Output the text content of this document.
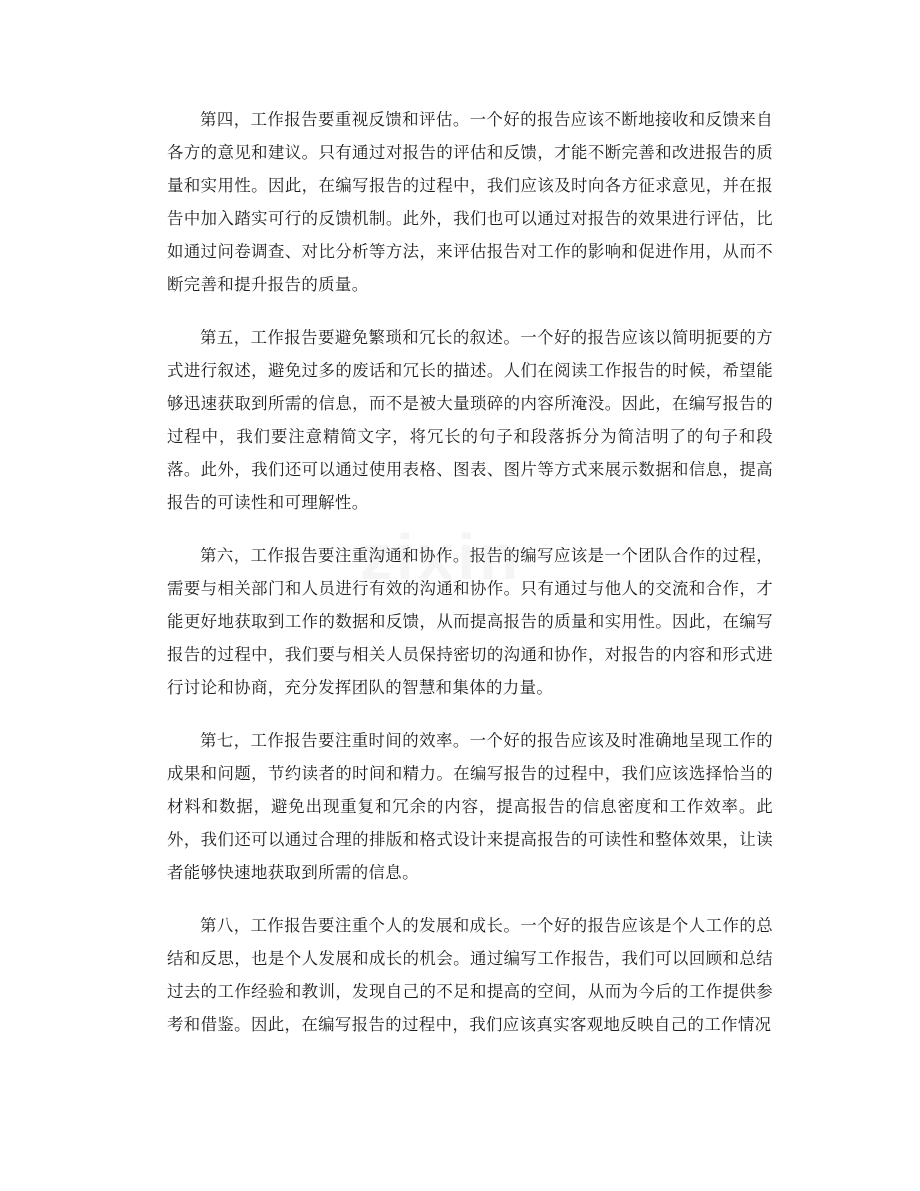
第四，工作报告要重视反馈和评估。一个好的报告应该不断地接收和反馈来自各方的意见和建议。只有通过对报告的评估和反馈，才能不断完善和改进报告的质量和实用性。因此，在编写报告的过程中，我们应该及时向各方征求意见，并在报告中加入踏实可行的反馈机制。此外，我们也可以通过对报告的效果进行评估，比如通过问卷调查、对比分析等方法，来评估报告对工作的影响和促进作用，从而不断完善和提升报告的质量。

第五，工作报告要避免繁琐和冗长的叙述。一个好的报告应该以简明扼要的方式进行叙述，避免过多的废话和冗长的描述。人们在阅读工作报告的时候，希望能够迅速获取到所需的信息，而不是被大量琐碎的内容所淹没。因此，在编写报告的过程中，我们要注意精简文字，将冗长的句子和段落拆分为简洁明了的句子和段落。此外，我们还可以通过使用表格、图表、图片等方式来展示数据和信息，提高报告的可读性和可理解性。

第六，工作报告要注重沟通和协作。报告的编写应该是一个团队合作的过程，需要与相关部门和人员进行有效的沟通和协作。只有通过与他人的交流和合作，才能更好地获取到工作的数据和反馈，从而提高报告的质量和实用性。因此，在编写报告的过程中，我们要与相关人员保持密切的沟通和协作，对报告的内容和形式进行讨论和协商，充分发挥团队的智慧和集体的力量。

第七，工作报告要注重时间的效率。一个好的报告应该及时准确地呈现工作的成果和问题，节约读者的时间和精力。在编写报告的过程中，我们应该选择恰当的材料和数据，避免出现重复和冗余的内容，提高报告的信息密度和工作效率。此外，我们还可以通过合理的排版和格式设计来提高报告的可读性和整体效果，让读者能够快速地获取到所需的信息。

第八，工作报告要注重个人的发展和成长。一个好的报告应该是个人工作的总结和反思，也是个人发展和成长的机会。通过编写工作报告，我们可以回顾和总结过去的工作经验和教训，发现自己的不足和提高的空间，从而为今后的工作提供参考和借鉴。因此，在编写报告的过程中，我们应该真实客观地反映自己的工作情况
